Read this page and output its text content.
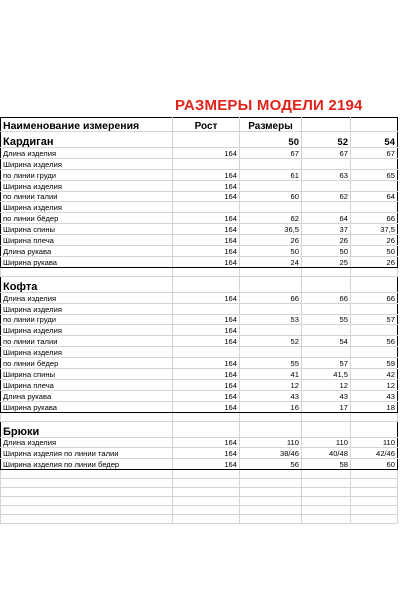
РАЗМЕРЫ МОДЕЛИ 2194
Наименование измерения	Рост	Размеры		
Кардиган		50	52	54
Длина изделия	164	67	67	67
Ширина изделия				
по линии груди	164	61	63	65
Ширина изделия	164			
по линии талии	164	60	62	64
Ширина изделия				
по линии бёдер	164	62	64	66
Ширина спины	164	36,5	37	37,5
Ширина плеча	164	26	26	26
Длина рукава	164	50	50	50
Ширина рукава	164	24	25	26

Кофта				
Длина изделия	164	66	66	66
Ширина изделия				
по линии груди	164	53	55	57
Ширина изделия	164			
по линии талии	164	52	54	56
Ширина изделия				
по линии бёдер	164	55	57	59
Ширина спины	164	41	41,5	42
Ширина плеча	164	12	12	12
Длина рукава	164	43	43	43
Ширина рукава	164	16	17	18

Брюки				
Длина изделия	164	110	110	110
Ширина изделия по линии талии	164	38/46	40/48	42/46
Ширина изделия по линии бедер	164	56	58	60
